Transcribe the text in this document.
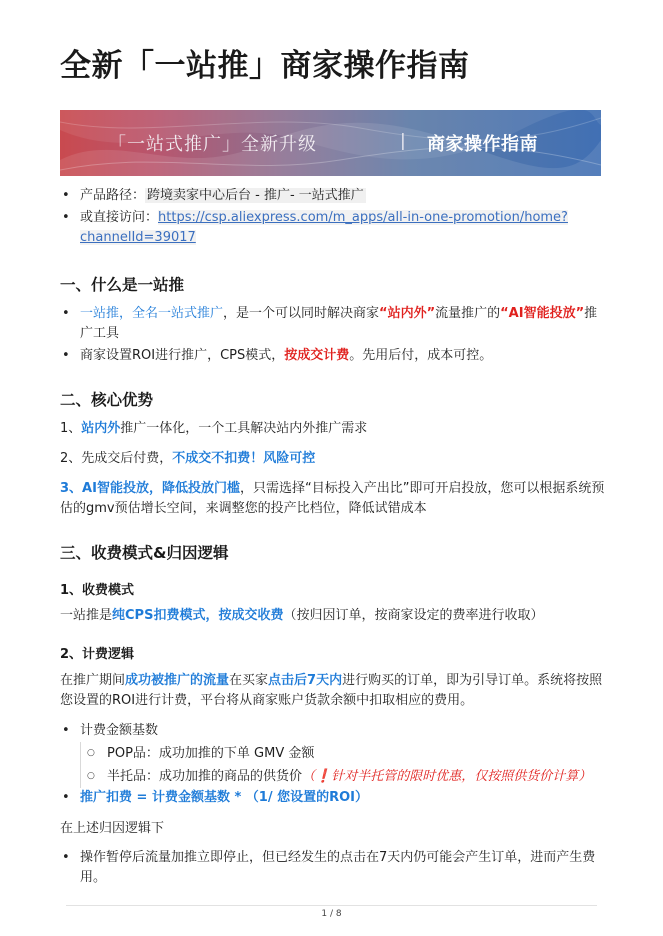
全新「一站推」商家操作指南
「一站式推广」全新升级	| 商家操作指南
• 产品路径： 跨境卖家中心后台 - 推广- 一站式推广
• 或直接访问：https://csp.aliexpress.com/m_apps/all-in-one-promotion/home?
channelId=39017
一、什么是一站推
• 一站推，全名一站式推广，是一个可以同时解决商家“站内外”流量推广的“AI智能投放”推广工具
• 商家设置ROI进行推广，CPS模式，按成交计费。先用后付，成本可控。
二、核心优势

1、站内外推广一体化，一个工具解决站内外推广需求

2、先成交后付费，不成交不扣费！风险可控

3、AI智能投放，降低投放门槛，只需选择“目标投入产出比”即可开启投放，您可以根据系统预估的gmv预估增长空间，来调整您的投产比档位，降低试错成本

三、收费模式&归因逻辑
1、收费模式

一站推是纯CPS扣费模式，按成交收费（按归因订单，按商家设定的费率进行收取）

2、计费逻辑

在推广期间成功被推广的流量在买家点击后7天内进行购买的订单，即为引导订单。系统将按照您设置的ROI进行计费，平台将从商家账户货款余额中扣取相应的费用。

• 计费金额基数
○ POP品：成功加推的下单 GMV 金额
○ 半托品：成功加推的商品的供货价（❗针对半托管的限时优惠，仅按照供货价计算）
• 推广扣费 = 计费金额基数 * （1/ 您设置的ROI）

在上述归因逻辑下

• 操作暂停后流量加推立即停止，但已经发生的点击在7天内仍可能会产生订单，进而产生费用。
1 / 8
